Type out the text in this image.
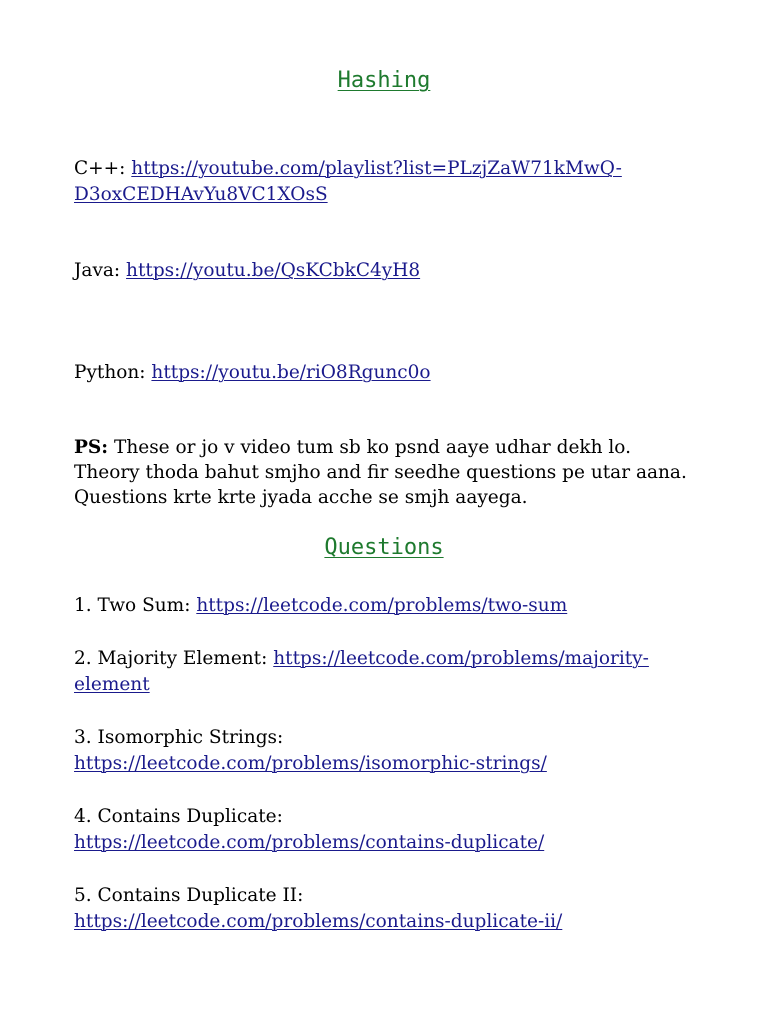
Hashing
C++: https://youtube.com/playlist?list=PLzjZaW71kMwQ-
D3oxCEDHAvYu8VC1XOsS
Java: https://youtu.be/QsKCbkC4yH8
Python: https://youtu.be/riO8Rgunc0o
PS: These or jo v video tum sb ko psnd aaye udhar dekh lo.
Theory thoda bahut smjho and fir seedhe questions pe utar aana.
Questions krte krte jyada acche se smjh aayega.
Questions
1. Two Sum: https://leetcode.com/problems/two-sum
2. Majority Element: https://leetcode.com/problems/majority-
element
3. Isomorphic Strings:
https://leetcode.com/problems/isomorphic-strings/
4. Contains Duplicate:
https://leetcode.com/problems/contains-duplicate/
5. Contains Duplicate II:
https://leetcode.com/problems/contains-duplicate-ii/
